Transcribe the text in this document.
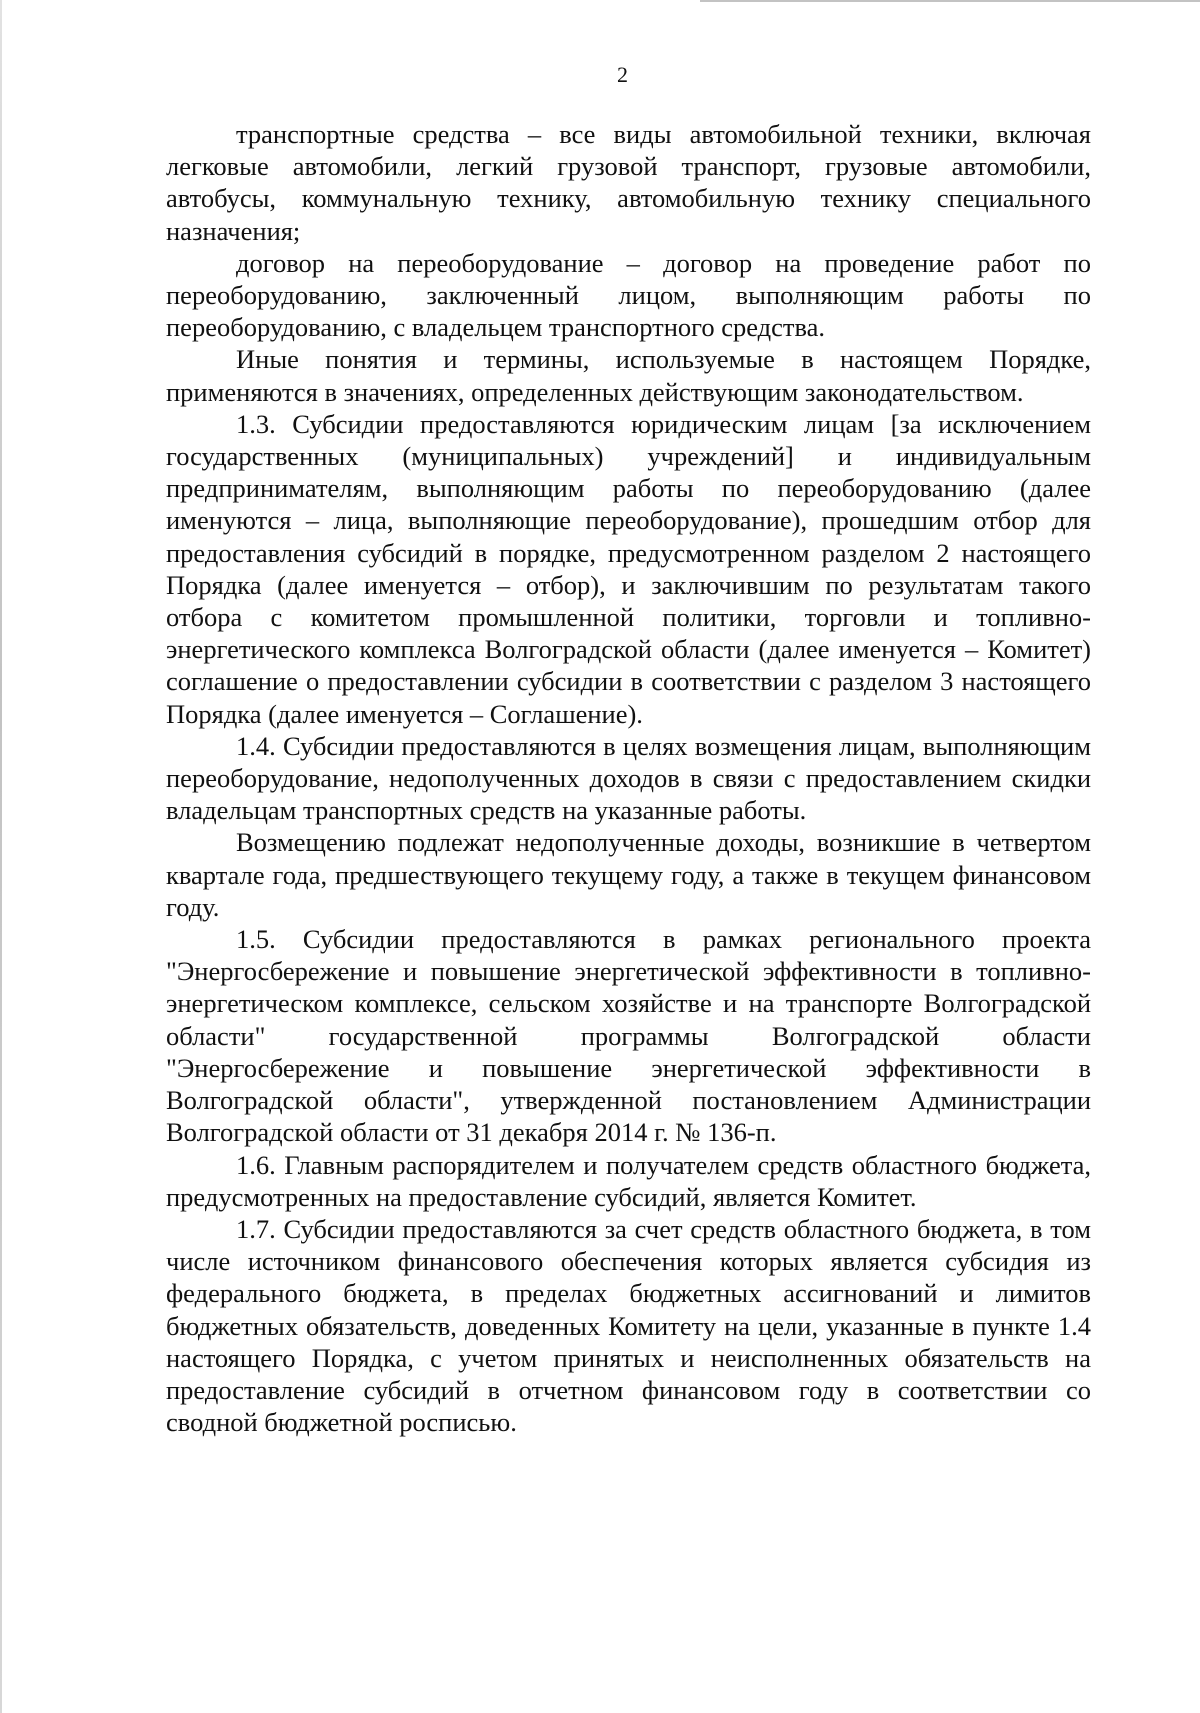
2

транспортные средства – все виды автомобильной техники, включая легковые автомобили, легкий грузовой транспорт, грузовые автомобили, автобусы, коммунальную технику, автомобильную технику специального назначения;

договор на переоборудование – договор на проведение работ по переоборудованию, заключенный лицом, выполняющим работы по переоборудованию, с владельцем транспортного средства.

Иные понятия и термины, используемые в настоящем Порядке, применяются в значениях, определенных действующим законодательством.

1.3. Субсидии предоставляются юридическим лицам [за исключением государственных (муниципальных) учреждений] и индивидуальным предпринимателям, выполняющим работы по переоборудованию (далее именуются – лица, выполняющие переоборудование), прошедшим отбор для предоставления субсидий в порядке, предусмотренном разделом 2 настоящего Порядка (далее именуется – отбор), и заключившим по результатам такого отбора с комитетом промышленной политики, торговли и топливно-энергетического комплекса Волгоградской области (далее именуется – Комитет) соглашение о предоставлении субсидии в соответствии с разделом 3 настоящего Порядка (далее именуется – Соглашение).

1.4. Субсидии предоставляются в целях возмещения лицам, выполняющим переоборудование, недополученных доходов в связи с предоставлением скидки владельцам транспортных средств на указанные работы.

Возмещению подлежат недополученные доходы, возникшие в четвертом квартале года, предшествующего текущему году, а также в текущем финансовом году.

1.5. Субсидии предоставляются в рамках регионального проекта "Энергосбережение и повышение энергетической эффективности в топливно-энергетическом комплексе, сельском хозяйстве и на транспорте Волгоградской области" государственной программы Волгоградской области "Энергосбережение и повышение энергетической эффективности в Волгоградской области", утвержденной постановлением Администрации Волгоградской области от 31 декабря 2014 г. № 136-п.

1.6. Главным распорядителем и получателем средств областного бюджета, предусмотренных на предоставление субсидий, является Комитет.

1.7. Субсидии предоставляются за счет средств областного бюджета, в том числе источником финансового обеспечения которых является субсидия из федерального бюджета, в пределах бюджетных ассигнований и лимитов бюджетных обязательств, доведенных Комитету на цели, указанные в пункте 1.4 настоящего Порядка, с учетом принятых и неисполненных обязательств на предоставление субсидий в отчетном финансовом году в соответствии со сводной бюджетной росписью.
